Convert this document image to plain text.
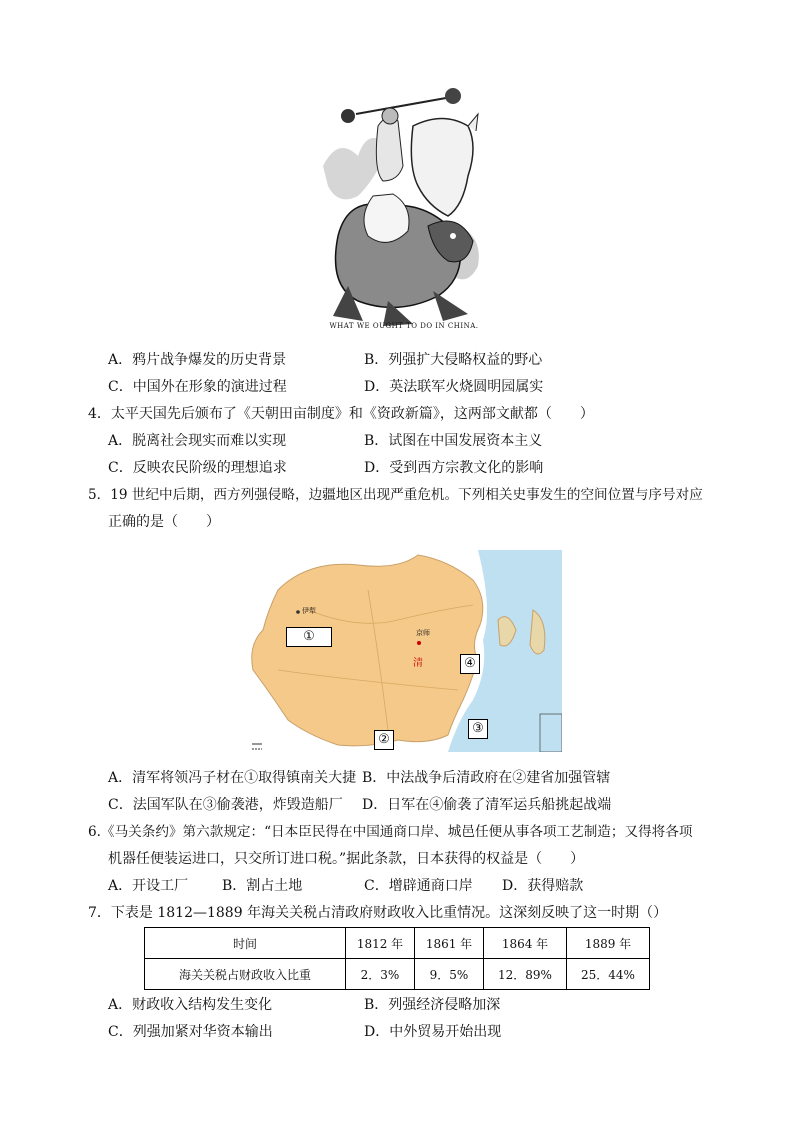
WHAT WE OUGHT TO DO IN CHINA.
A．鸦片战争爆发的历史背景	B．列强扩大侵略权益的野心
C．中国外在形象的演进过程	D．英法联军火烧圆明园属实
4．太平天国先后颁布了《天朝田亩制度》和《资政新篇》，这两部文献都（　　）
A．脱离社会现实而难以实现	B．试图在中国发展资本主义
C．反映农民阶级的理想追求	D．受到西方宗教文化的影响
5．19 世纪中后期，西方列强侵略，边疆地区出现严重危机。下列相关史事发生的空间位置与序号对应
正确的是（　　）
①
④
③
②
伊犁
京师
清
A．清军将领冯子材在①取得镇南关大捷 B．中法战争后清政府在②建省加强管辖
C．法国军队在③偷袭港，炸毁造船厂 D．日军在④偷袭了清军运兵船挑起战端
6.《马关条约》第六款规定：“日本臣民得在中国通商口岸、城邑任便从事各项工艺制造；又得将各项
机器任便装运进口，只交所订进口税。”据此条款，日本获得的权益是（　　）
A．开设工厂 B．割占土地	C．增辟通商口岸 D．获得赔款
7．下表是 1812—1889 年海关关税占清政府财政收入比重情况。这深刻反映了这一时期（）
时间	1812 年	1861 年	1864 年	1889 年
海关关税占财政收入比重	2．3%	9．5%	12．89%	25．44%
A．财政收入结构发生变化	B．列强经济侵略加深
C．列强加紧对华资本输出	D．中外贸易开始出现
